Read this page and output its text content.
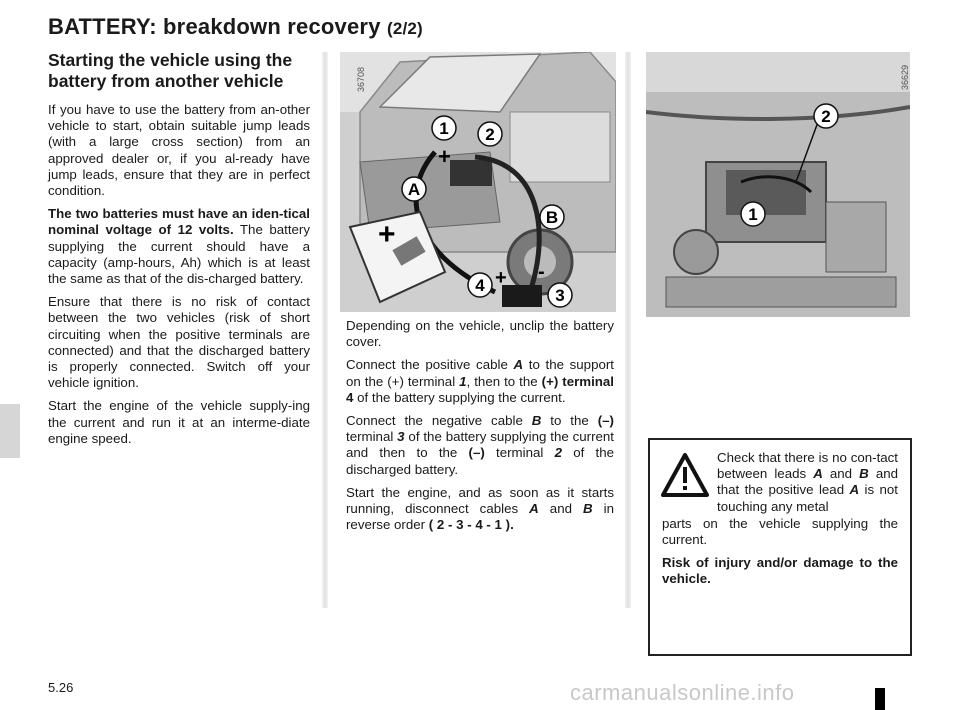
BATTERY: breakdown recovery (2/2)
Starting the vehicle using the battery from another vehicle

If you have to use the battery from an-other vehicle to start, obtain suitable jump leads (with a large cross section) from an approved dealer or, if you al-ready have jump leads, ensure that they are in perfect condition.

The two batteries must have an iden-tical nominal voltage of 12 volts. The battery supplying the current should have a capacity (amp-hours, Ah) which is at least the same as that of the dis-charged battery.

Ensure that there is no risk of contact between the two vehicles (risk of short circuiting when the positive terminals are connected) and that the discharged battery is properly connected. Switch off your vehicle ignition.

Start the engine of the vehicle supply-ing the current and run it at an interme-diate engine speed.

+
+
+ -
1 2
A
B
4
3
36708
1
2
36629

Depending on the vehicle, unclip the battery cover.

Connect the positive cable A to the support on the (+) terminal 1, then to the (+) terminal 4 of the battery supplying the current.

Connect the negative cable B to the (–) terminal 3 of the battery supplying the current and then to the (–) terminal 2 of the discharged battery.

Start the engine, and as soon as it starts running, disconnect cables A and B in reverse order ( 2 - 3 - 4 - 1 ).

Check that there is no con-tact between leads A and B and that the positive lead A is not touching any metal

parts on the vehicle supplying the current.

Risk of injury and/or damage to the vehicle.

5.26	carmanualsonline.info
